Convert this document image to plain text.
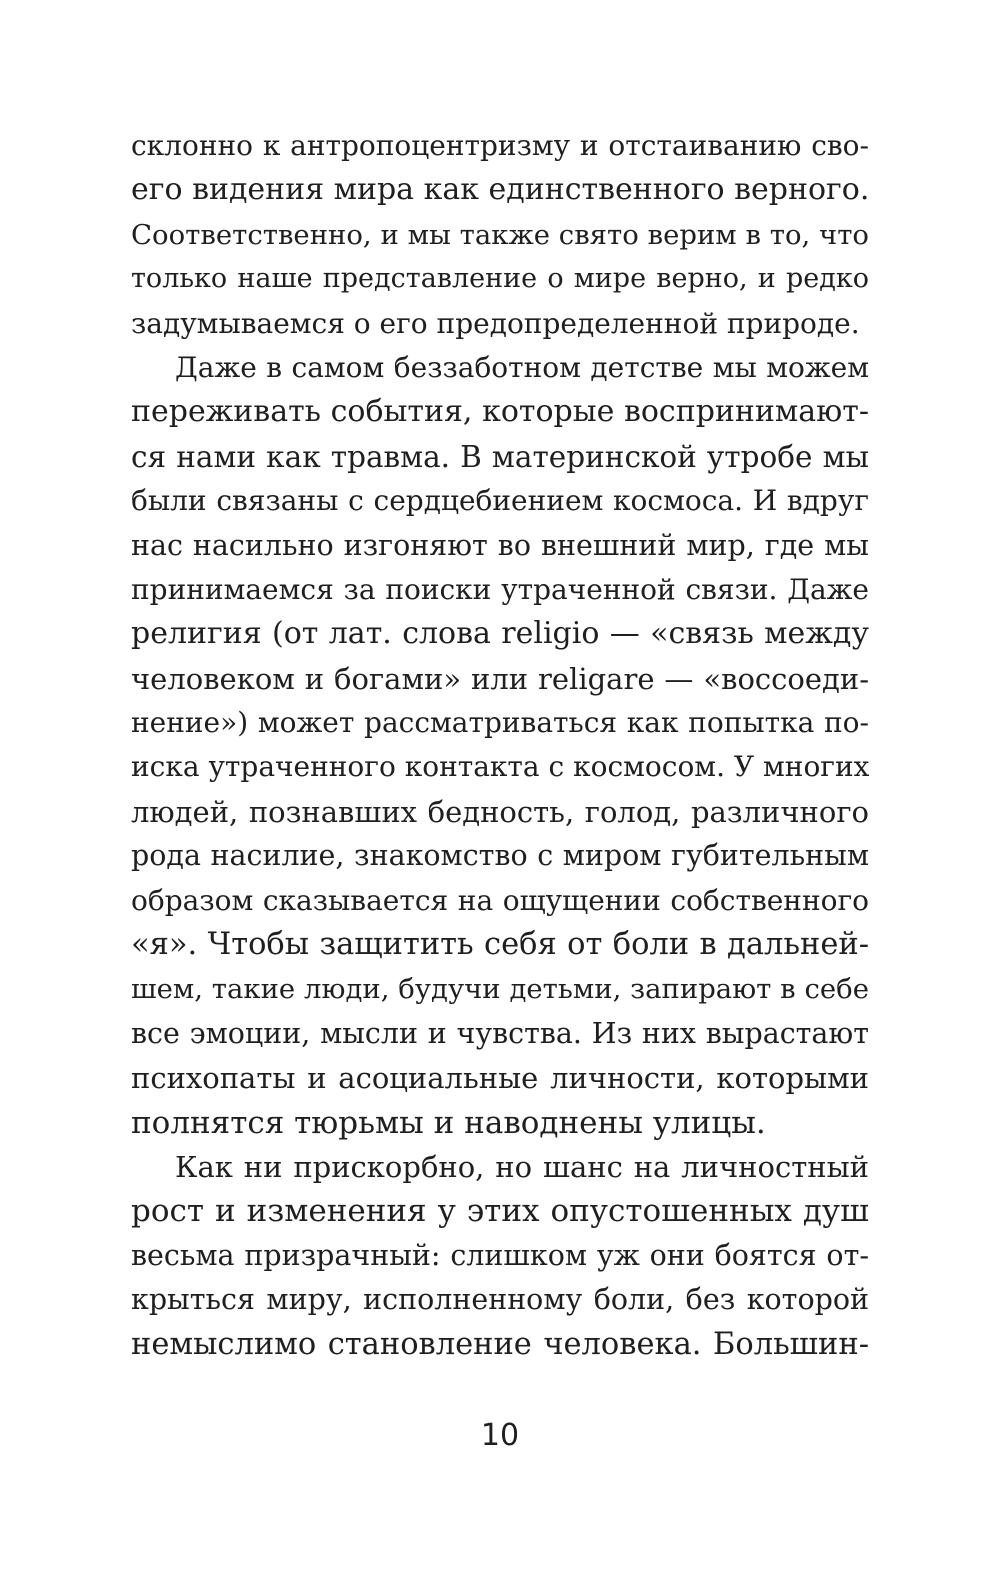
склонно к антропоцентризму и отстаиванию сво-
его видения мира как единственного верного.
Соответственно, и мы также свято верим в то, что
только наше представление о мире верно, и редко
задумываемся о его предопределенной природе.
Даже в самом беззаботном детстве мы можем
переживать события, которые воспринимают-
ся нами как травма. В материнской утробе мы
были связаны с сердцебиением космоса. И вдруг
нас насильно изгоняют во внешний мир, где мы
принимаемся за поиски утраченной связи. Даже
религия (от лат. слова religio — «связь между
человеком и богами» или religare — «воссоеди-
нение») может рассматриваться как попытка по-
иска утраченного контакта с космосом. У многих
людей, познавших бедность, голод, различного
рода насилие, знакомство с миром губительным
образом сказывается на ощущении собственного
«я». Чтобы защитить себя от боли в дальней-
шем, такие люди, будучи детьми, запирают в себе
все эмоции, мысли и чувства. Из них вырастают
психопаты и асоциальные личности, которыми
полнятся тюрьмы и наводнены улицы.
Как ни прискорбно, но шанс на личностный
рост и изменения у этих опустошенных душ
весьма призрачный: слишком уж они боятся от-
крыться миру, исполненному боли, без которой
немыслимо становление человека. Большин-
10
